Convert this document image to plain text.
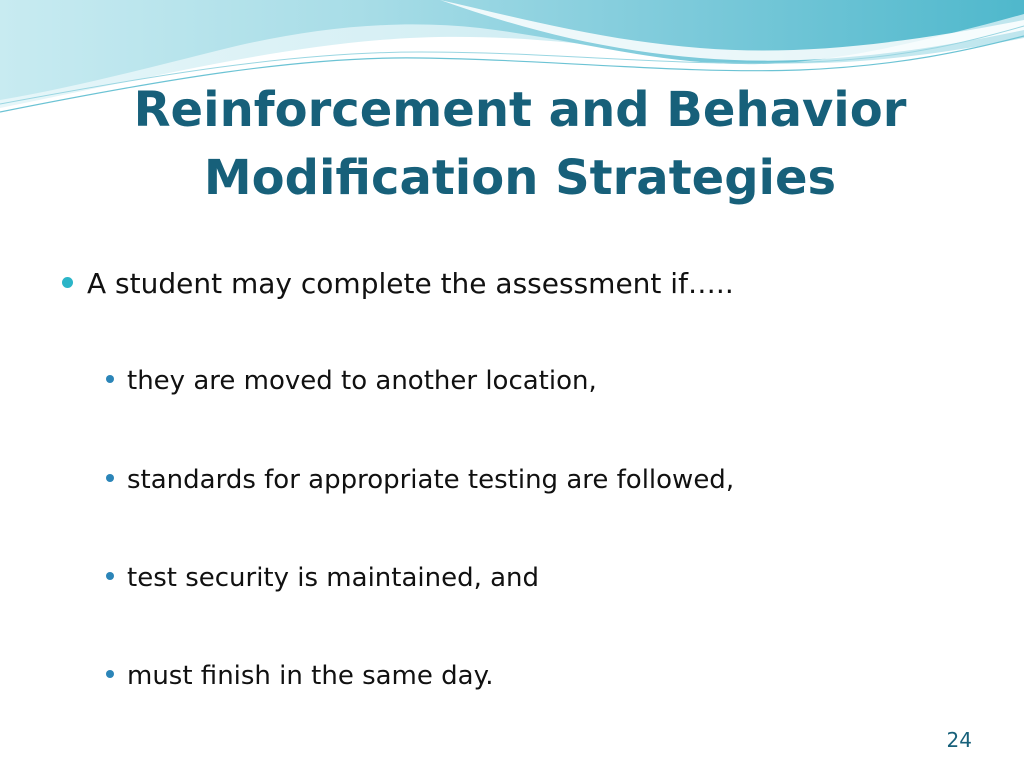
Reinforcement and Behavior
Modification Strategies
A student may complete the assessment if…..
they are moved to another location,
standards for appropriate testing are followed,
test security is maintained, and
must finish in the same day.
24
